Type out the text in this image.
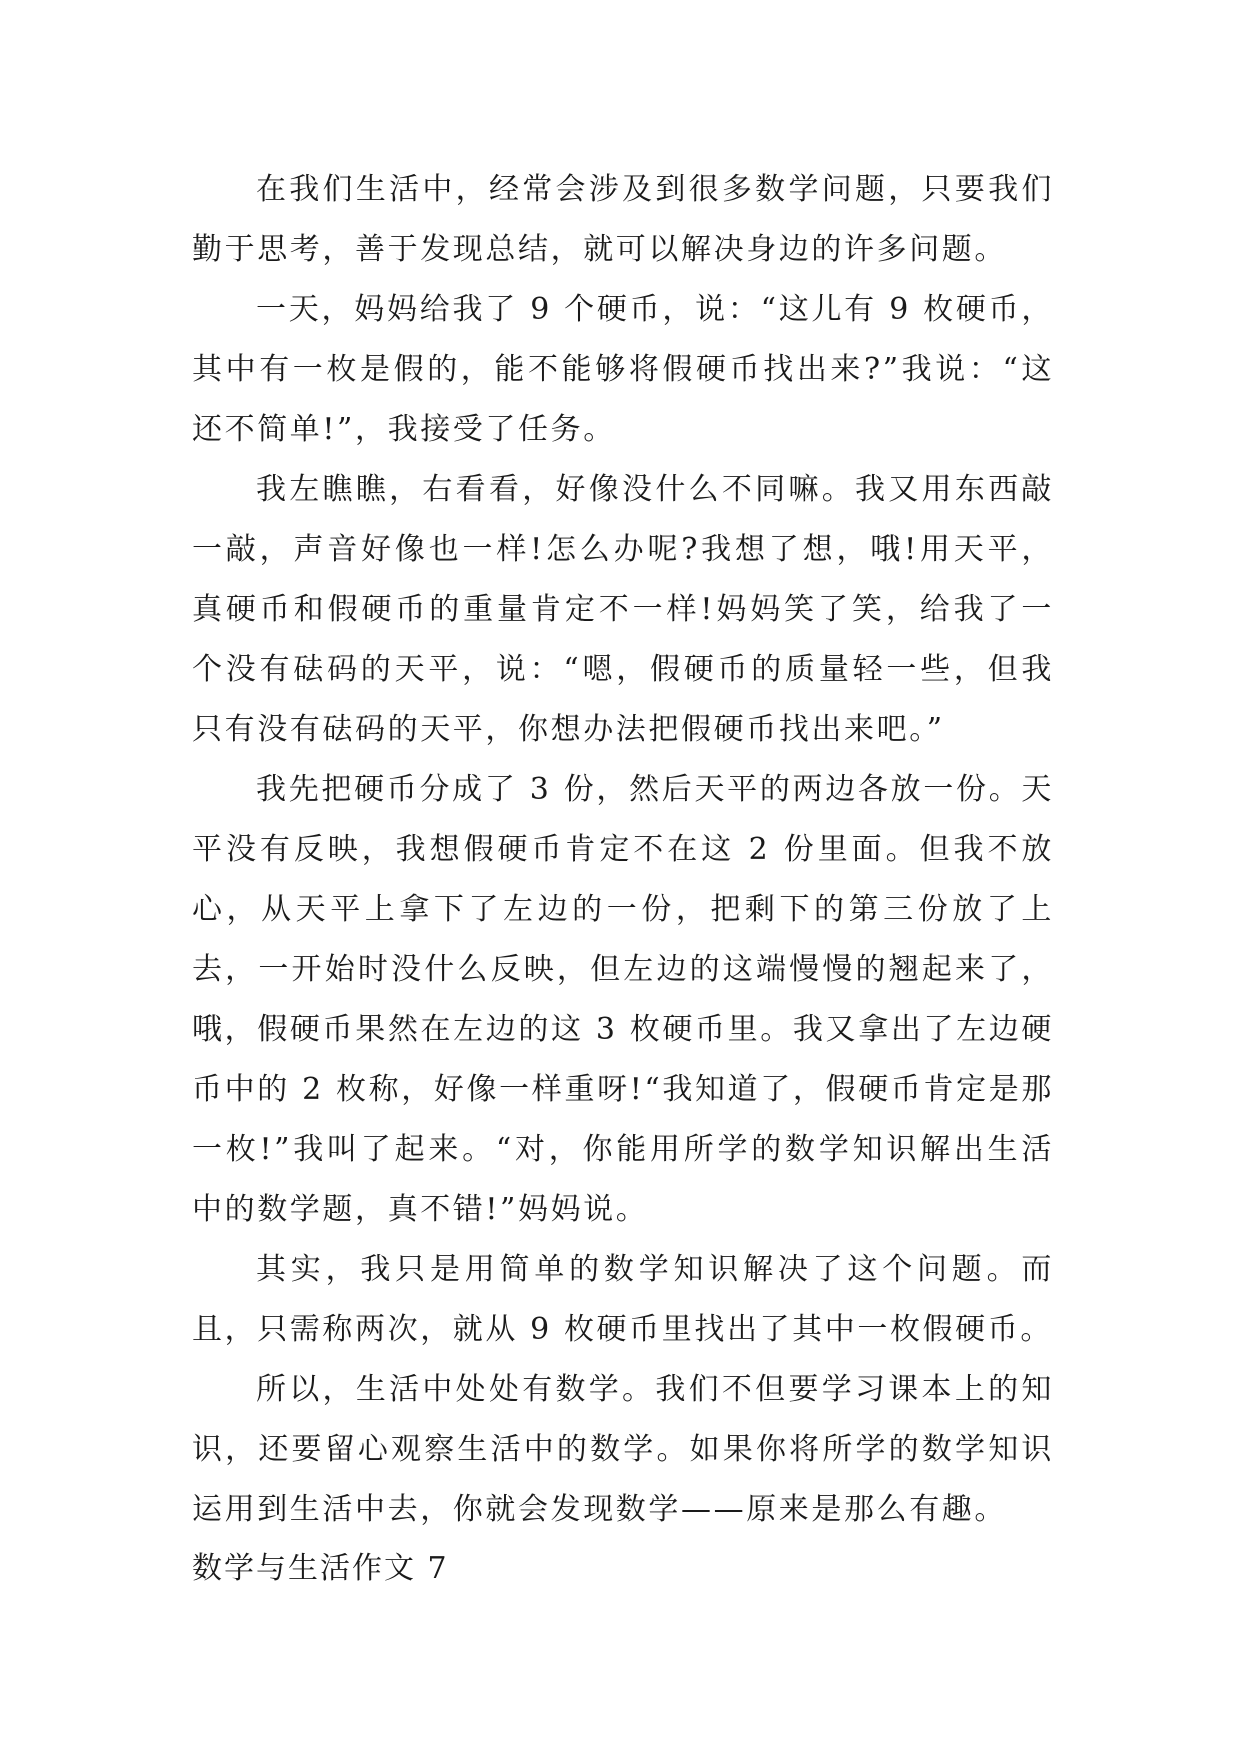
在我们生活中，经常会涉及到很多数学问题，只要我们勤于思考，善于发现总结，就可以解决身边的许多问题。

一天，妈妈给我了 9 个硬币，说：“这儿有 9 枚硬币，其中有一枚是假的，能不能够将假硬币找出来?”我说：“这还不简单!”，我接受了任务。

我左瞧瞧，右看看，好像没什么不同嘛。我又用东西敲一敲，声音好像也一样!怎么办呢?我想了想，哦!用天平，真硬币和假硬币的重量肯定不一样!妈妈笑了笑，给我了一个没有砝码的天平，说：“嗯，假硬币的质量轻一些，但我只有没有砝码的天平，你想办法把假硬币找出来吧。”

我先把硬币分成了 3 份，然后天平的两边各放一份。天平没有反映，我想假硬币肯定不在这 2 份里面。但我不放心，从天平上拿下了左边的一份，把剩下的第三份放了上去，一开始时没什么反映，但左边的这端慢慢的翘起来了，哦，假硬币果然在左边的这 3 枚硬币里。我又拿出了左边硬币中的 2 枚称，好像一样重呀!“我知道了，假硬币肯定是那一枚!”我叫了起来。“对，你能用所学的数学知识解出生活中的数学题，真不错!”妈妈说。

其实，我只是用简单的数学知识解决了这个问题。而且，只需称两次，就从 9 枚硬币里找出了其中一枚假硬币。

所以，生活中处处有数学。我们不但要学习课本上的知识，还要留心观察生活中的数学。如果你将所学的数学知识运用到生活中去，你就会发现数学——原来是那么有趣。

数学与生活作文 7
